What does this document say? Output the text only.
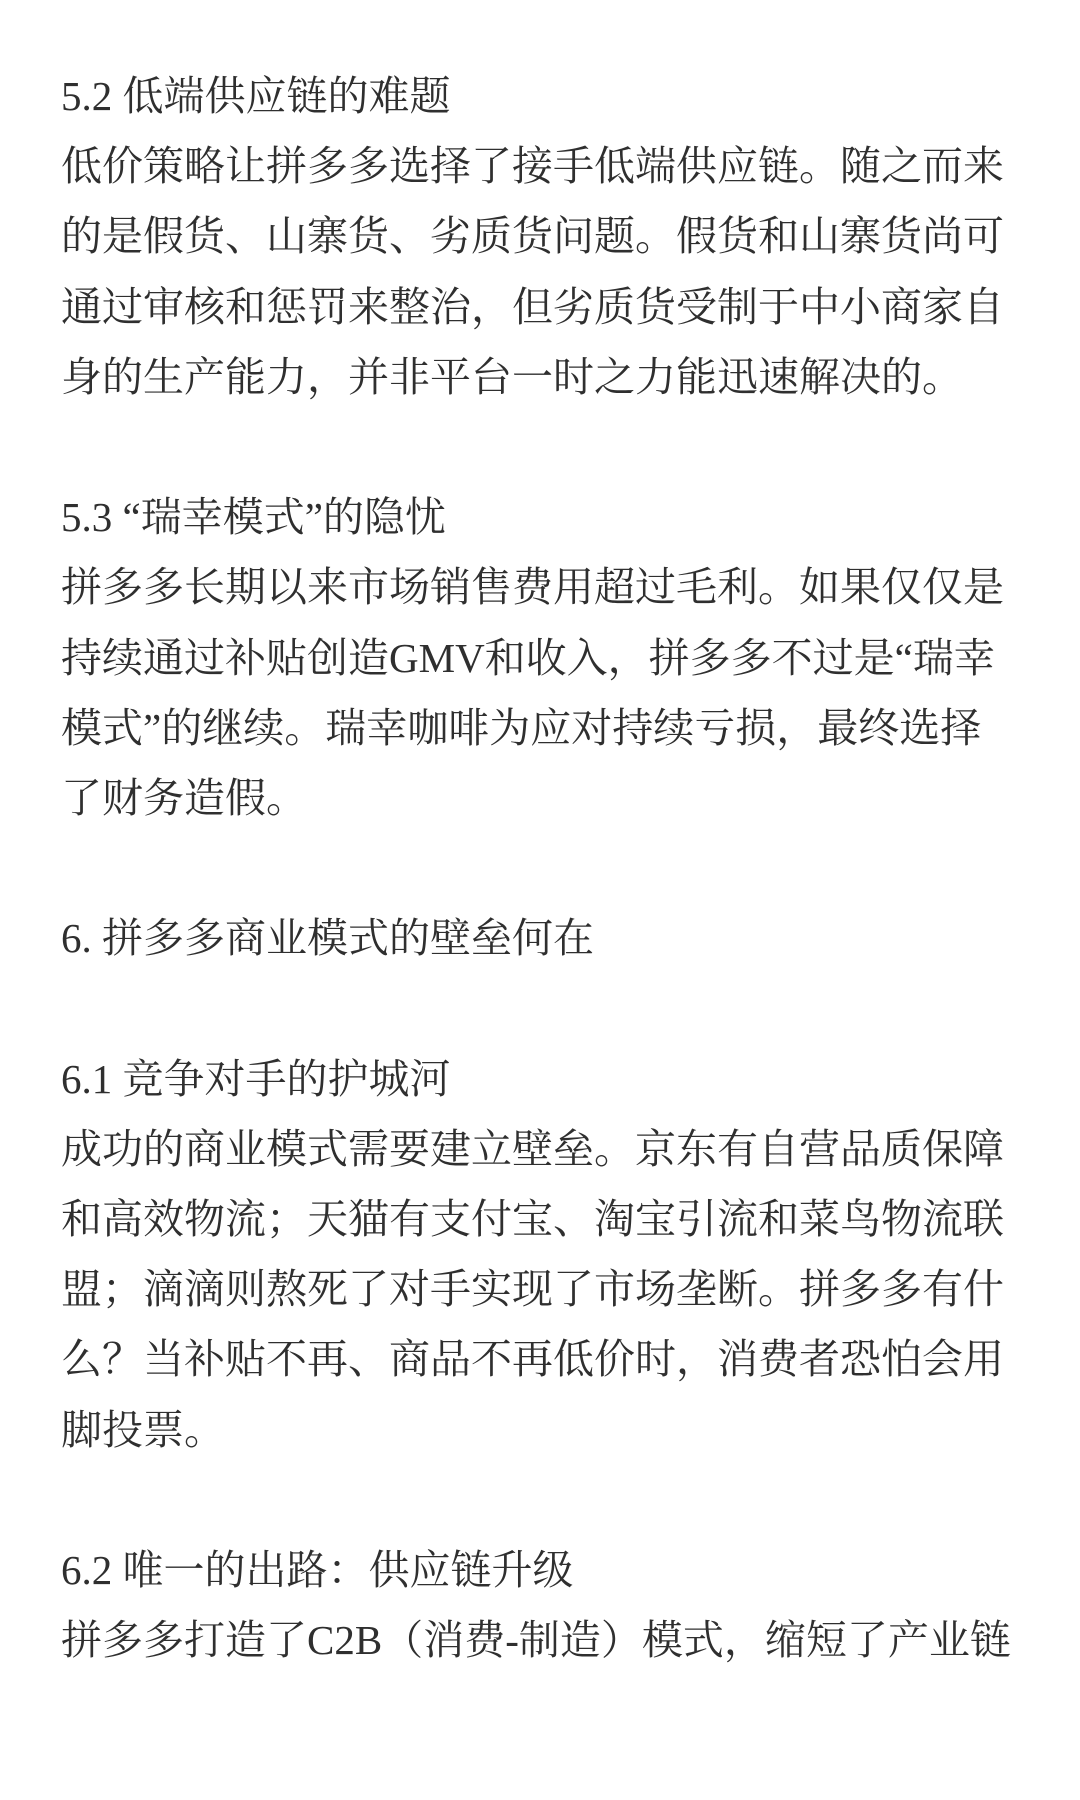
5.2 低端供应链的难题
低价策略让拼多多选择了接手低端供应链。随之而来
的是假货、山寨货、劣质货问题。假货和山寨货尚可
通过审核和惩罚来整治，但劣质货受制于中小商家自
身的生产能力，并非平台一时之力能迅速解决的。
5.3 “瑞幸模式”的隐忧
拼多多长期以来市场销售费用超过毛利。如果仅仅是
持续通过补贴创造GMV和收入，拼多多不过是“瑞幸
模式”的继续。瑞幸咖啡为应对持续亏损，最终选择
了财务造假。
6. 拼多多商业模式的壁垒何在
6.1 竞争对手的护城河
成功的商业模式需要建立壁垒。京东有自营品质保障
和高效物流；天猫有支付宝、淘宝引流和菜鸟物流联
盟；滴滴则熬死了对手实现了市场垄断。拼多多有什
么？当补贴不再、商品不再低价时，消费者恐怕会用
脚投票。
6.2 唯一的出路：供应链升级
拼多多打造了C2B（消费-制造）模式，缩短了产业链
